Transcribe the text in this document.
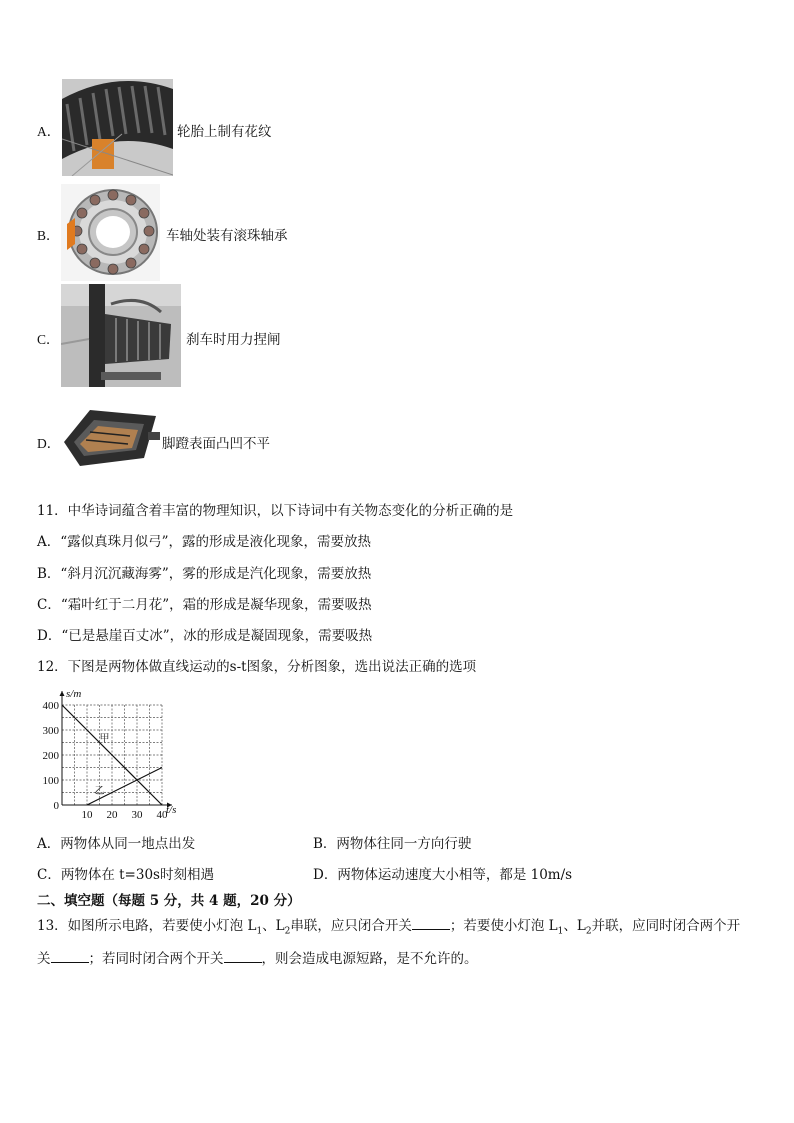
A．	轮胎上制有花纹
B．	车轴处装有滚珠轴承
C．	刹车时用力捏闸
D．	脚蹬表面凸凹不平
11．中华诗词蕴含着丰富的物理知识，以下诗词中有关物态变化的分析正确的是
A．“露似真珠月似弓”，露的形成是液化现象，需要放热
B．“斜月沉沉藏海雾”，雾的形成是汽化现象，需要放热
C．“霜叶红于二月花”，霜的形成是凝华现象，需要吸热
D．“已是悬崖百丈冰”，冰的形成是凝固现象，需要吸热
12．下图是两物体做直线运动的s-t图象，分析图象，选出说法正确的选项
甲
乙
0
100
200
300
400
10 20 30 40
s/m
t/s
A．两物体从同一地点出发	B．两物体往同一方向行驶
C．两物体在 t=30s时刻相遇	D．两物体运动速度大小相等，都是 10m/s
二、填空题（每题 5 分，共 4 题，20 分）
13．如图所示电路，若要使小灯泡 $L_1$、$L_2$串联，应只闭合开关	；若要使小灯泡 $L_1$、$L_2$并联，应同时闭合两个开
关	；若同时闭合两个开关	，则会造成电源短路，是不允许的。
